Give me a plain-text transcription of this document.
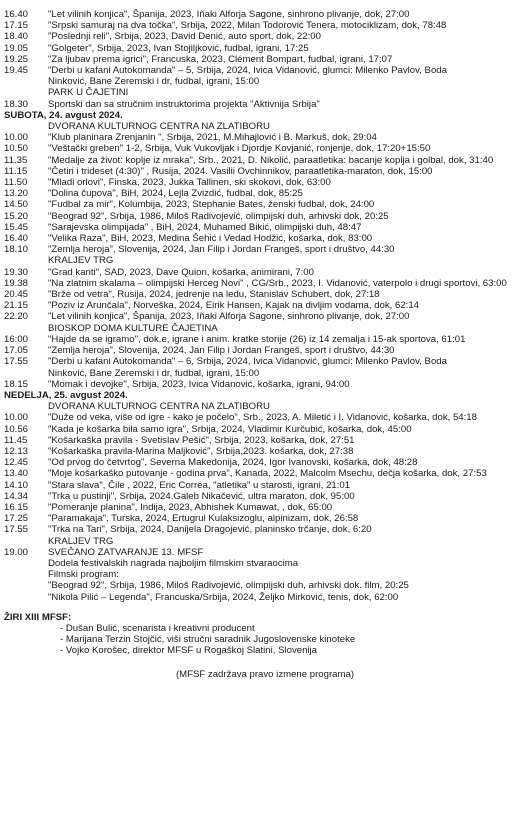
16.40	"Let vilinih konjica", Španija, 2023, Iñaki Alforja Sagone, sinhrono plivanje, dok, 27:00
17.15	"Srpski samuraj na dva točka", Srbija, 2022, Milan Todorović Tenera, motociklizam, dok, 78:48
18.40	"Poslednji reli", Srbija, 2023, David Denić, auto sport, dok, 22:00
19.05	"Golgeter", Srbija, 2023, Ivan Stojiljković, fudbal, igrani, 17:25
19.25	"Za ljubav prema igrici", Francuska, 2023, Clément Bompart, fudbal, igrani, 17:07
19.45	"Derbi u kafani Autokomanda" – 5, Srbija, 2024, Ivica Vidanović, glumci: Milenko Pavlov, Boda
Ninković, Bane Zeremski i dr, fudbal, igrani, 15:00
PARK U ČAJETINI
18.30	Sportski dan sa stručnim instruktorima projekta "Aktivnija Srbija"
SUBOTA, 24. avgust 2024.
DVORANA KULTURNOG CENTRA NA ZLATIBORU
10.00	"Klub planinara Zrenjanin ", Srbija, 2021, M.Mihajlović i B. Markuš, dok, 29:04
10.50	"Veštački greben" 1-2, Srbija, Vuk Vukovljak i Djordje Kovjanić, ronjenje, dok, 17:20+15:50
11.35	"Medalje za život: koplje iz mraka", Srb., 2021, D. Nikolić, paraatletika: bacanje koplja i golbal, dok, 31:40
11.15	"Četiri i trideset (4:30)" , Rusija, 2024. Vasilii Ovchinnikov, paraatletika-maraton, dok, 15:00
11.50	"Mladi orlovi", Finska, 2023, Jukka Tallinen, ski skokovi, dok, 63:00
13.20	"Dolina čupova", BiH, 2024, Lejla Zvizdić, fudbal, dok, 85:25
14.50	"Fudbal za mir", Kolumbija, 2023, Stephanie Bates, ženski fudbal, dok, 24:00
15.20	"Beograd 92", Srbija, 1986, Miloš Radivojević, olimpijski duh, arhivski dok, 20:25
15.45	"Sarajevska olimpijada" , BiH, 2024, Muhamed Bikić, olimpijski duh, 48:47
16.40	"Velika Raza", BiH, 2023, Medina Šehić i Vedad Hodžić, košarka, dok, 83:00
18.10	"Zemlja heroja", Slovenija, 2024, Jan Filip i Jordan Frangeš, sport i društvo, 44:30
KRALJEV TRG
19.30	"Grad kanti", SAD, 2023, Dave Quion, košarka, animirani, 7:00
19.38	"Na zlatnim skalama – olimpijski Herceg Novi" , CG/Srb., 2023, I. Vidanović, vaterpolo i drugi sportovi, 63:00
20.45	"Brže od vetra", Rusija, 2024, jedrenje na ledu, Stanislav Schubert, dok, 27:18
21.15	"Poziv iz Arunčala", Norveška, 2024, Eirik Hansen, Kajak na divljim vodama, dok, 62:14
22.20	"Let vilinih konjica", Španija, 2023, Iñaki Alforja Sagone, sinhrono plivanje, dok, 27:00
BIOSKOP DOMA KULTURE ČAJETINA
16:00	"Hajde da se igramo", dok.e, igrane i anim. kratke storije (26) iz 14 zemalja i 15-ak sportova, 61:01
17.05	"Zemlja heroja", Slovenija, 2024, Jan Filip i Jordan Frangeš, sport i društvo, 44:30
17.55	"Derbi u kafani Autokomanda" – 6, Srbija, 2024, Ivica Vidanović, glumci: Milenko Pavlov, Boda
Ninković, Bane Zeremski i dr, fudbal, igrani, 15:00
18.15	"Momak i devojke", Srbija, 2023, Ivica Vidanović, košarka, igrani, 94:00
NEDELJA, 25. avgust 2024.
DVORANA KULTURNOG CENTRA NA ZLATIBORU
10.00	"Duže od veka, više od igre - kako je počelo", Srb., 2023, A. Miletić i I. Vidanović, košarka, dok, 54:18
10.56	"Kada je košarka bila samo igra", Srbija, 2024, Vladimir Kurčubić, košarka, dok, 45:00
11.45	"Košarkaška pravila - Svetislav Pešić", Srbija, 2023, košarka, dok, 27:51
12.13	"Košarkaška pravila-Marina Maljković", Srbija,2023. košarka, dok, 27:38
12.45	"Od prvog do četvrtog", Severna Makedonija, 2024, Igor Ivanovski, košarka, dok, 48:28
13.40	"Moje košarkaško putovanje - godina prva", Kanada, 2022, Malcolm Msechu, dečja košarka, dok, 27:53
14.10	"Stara slava", Čile , 2022, Eric Correa, "atletika" u starosti, igrani, 21:01
14.34	"Trka u pustinji", Srbija, 2024.Galeb Nikačević, ultra maraton, dok, 95:00
16.15	"Pomeranje planina", Indija, 2023, Abhishek Kumawat, , dok, 65:00
17.25	"Paramakaja", Turska, 2024, Ertugrul Kulaksizoglu, alpinizam, dok, 26:58
17.55	"Trka na Tari", Srbija, 2024, Danijela Dragojević, planinsko trčanje, dok, 6:20
KRALJEV TRG
19.00	SVEČANO ZATVARANJE 13. MFSF
Dodela festivalskih nagrada najboljim filmskim stvaraocima
Filmski program:
"Beograd 92", Srbija, 1986, Miloš Radivojević, olimpijski duh, arhivski dok. film, 20:25
"Nikola Pilić – Legenda", Francuska/Srbija, 2024, Željko Mirković, tenis, dok, 62:00
ŽIRI XIII MFSF:
- Dušan Bulić, scenarista i kreativni producent
- Marijana Terzin Stojčić, viši stručni saradnik Jugoslovenske kinoteke
- Vojko Korošec, direktor MFSF u Rogaškoj Slatini, Slovenija
(MFSF zadržava pravo izmene programa)
